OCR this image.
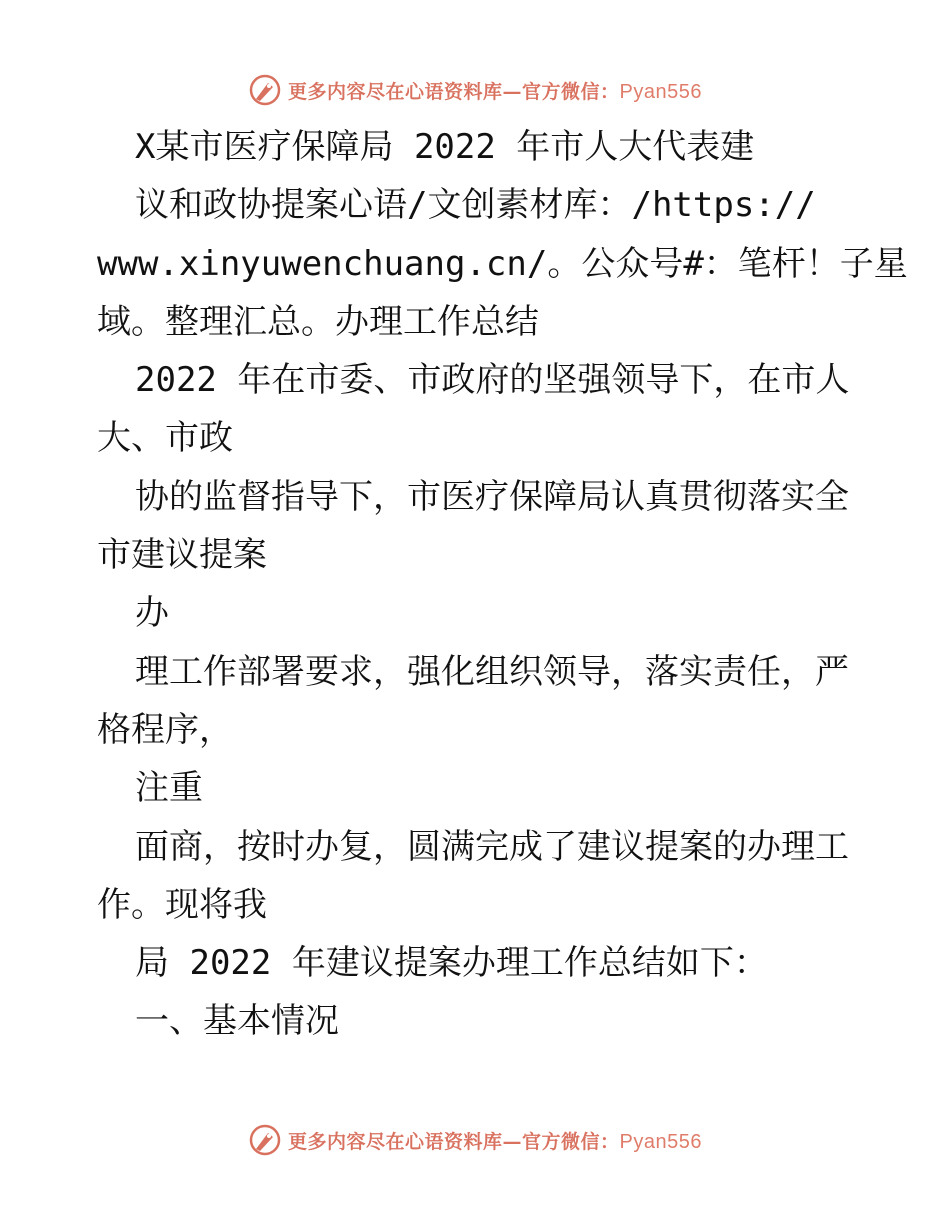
更多内容尽在心语资料库—官方微信：Pyan556
X某市医疗保障局 2022 年市人大代表建
议和政协提案心语/文创素材库：/https://
www.xinyuwenchuang.cn/。公众号#：笔杆！子星
域。整理汇总。办理工作总结
2022 年在市委、市政府的坚强领导下，在市人
大、市政
协的监督指导下，市医疗保障局认真贯彻落实全
市建议提案
办
理工作部署要求，强化组织领导，落实责任，严
格程序，
注重
面商，按时办复，圆满完成了建议提案的办理工
作。现将我
局 2022 年建议提案办理工作总结如下：
一、基本情况
更多内容尽在心语资料库—官方微信：Pyan556
